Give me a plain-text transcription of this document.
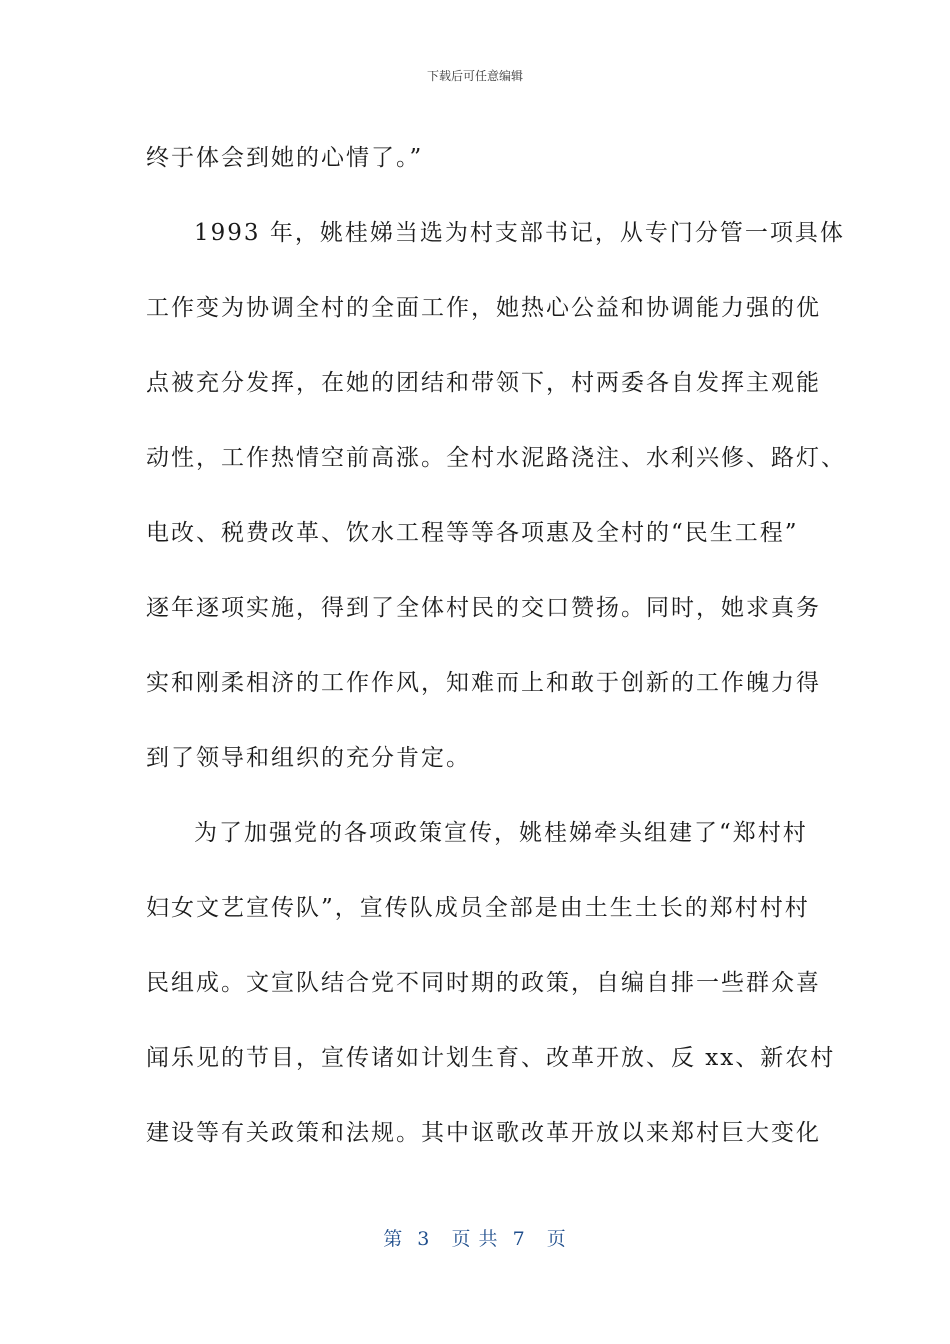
下载后可任意编辑
终于体会到她的心情了。”
1993 年，姚桂娣当选为村支部书记，从专门分管一项具体
工作变为协调全村的全面工作，她热心公益和协调能力强的优
点被充分发挥，在她的团结和带领下，村两委各自发挥主观能
动性，工作热情空前高涨。全村水泥路浇注、水利兴修、路灯、
电改、税费改革、饮水工程等等各项惠及全村的“民生工程”
逐年逐项实施，得到了全体村民的交口赞扬。同时，她求真务
实和刚柔相济的工作作风，知难而上和敢于创新的工作魄力得
到了领导和组织的充分肯定。
为了加强党的各项政策宣传，姚桂娣牵头组建了“郑村村
妇女文艺宣传队”，宣传队成员全部是由土生土长的郑村村村
民组成。文宣队结合党不同时期的政策，自编自排一些群众喜
闻乐见的节目，宣传诸如计划生育、改革开放、反 xx、新农村
建设等有关政策和法规。其中讴歌改革开放以来郑村巨大变化
第  3   页 共  7   页
